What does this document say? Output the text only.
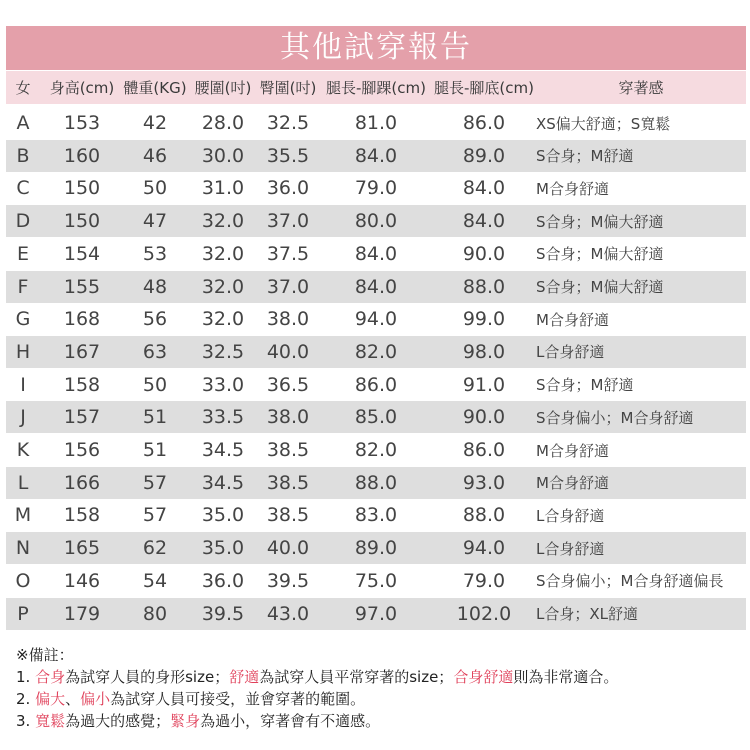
其他試穿報告
女	身高(cm) 體重(KG) 腰圍(吋) 臀圍(吋) 腿長-腳踝(cm) 腿長-腳底(cm)	穿著感
A	153	42	28.0	32.5	81.0	86.0	XS偏大舒適；S寬鬆
B	160	46	30.0	35.5	84.0	89.0	S合身；M舒適
C	150	50	31.0	36.0	79.0	84.0	M合身舒適
D	150	47	32.0	37.0	80.0	84.0	S合身；M偏大舒適
E	154	53	32.0	37.5	84.0	90.0	S合身；M偏大舒適
F	155	48	32.0	37.0	84.0	88.0	S合身；M偏大舒適
G	168	56	32.0	38.0	94.0	99.0	M合身舒適
H	167	63	32.5	40.0	82.0	98.0	L合身舒適
I	158	50	33.0	36.5	86.0	91.0	S合身；M舒適
J	157	51	33.5	38.0	85.0	90.0	S合身偏小；M合身舒適
K	156	51	34.5	38.5	82.0	86.0	M合身舒適
L	166	57	34.5	38.5	88.0	93.0	M合身舒適
M	158	57	35.0	38.5	83.0	88.0	L合身舒適
N	165	62	35.0	40.0	89.0	94.0	L合身舒適
O	146	54	36.0	39.5	75.0	79.0	S合身偏小；M合身舒適偏長
P	179	80	39.5	43.0	97.0	102.0	L合身；XL舒適
※備註：
1. 合身為試穿人員的身形size；舒適為試穿人員平常穿著的size；合身舒適則為非常適合。
2. 偏大、偏小為試穿人員可接受，並會穿著的範圍。
3. 寬鬆為過大的感覺；緊身為過小，穿著會有不適感。
